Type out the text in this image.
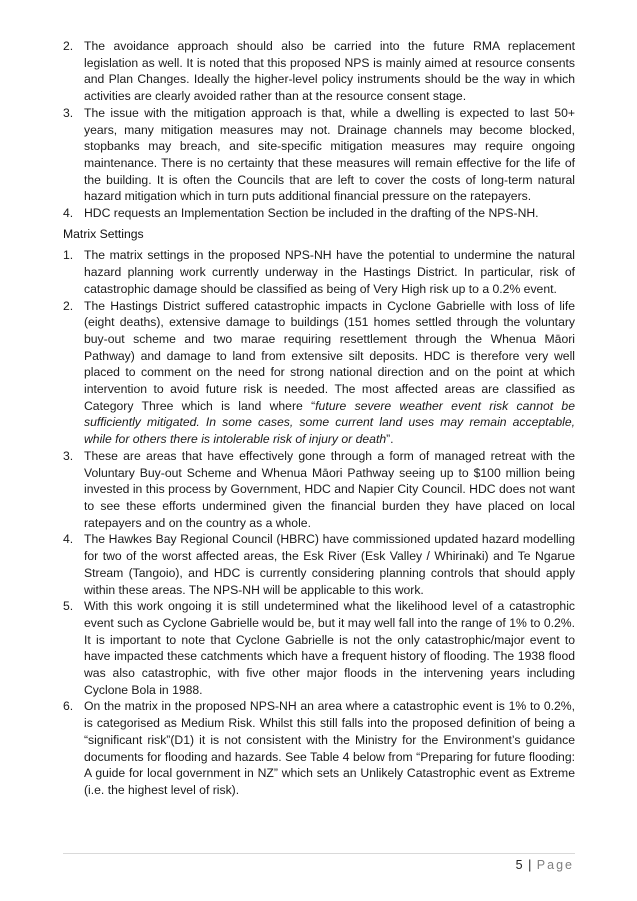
2. The avoidance approach should also be carried into the future RMA replacement legislation as well. It is noted that this proposed NPS is mainly aimed at resource consents and Plan Changes. Ideally the higher-level policy instruments should be the way in which activities are clearly avoided rather than at the resource consent stage.
3. The issue with the mitigation approach is that, while a dwelling is expected to last 50+ years, many mitigation measures may not. Drainage channels may become blocked, stopbanks may breach, and site-specific mitigation measures may require ongoing maintenance. There is no certainty that these measures will remain effective for the life of the building. It is often the Councils that are left to cover the costs of long-term natural hazard mitigation which in turn puts additional financial pressure on the ratepayers.
4. HDC requests an Implementation Section be included in the drafting of the NPS-NH.
Matrix Settings
1. The matrix settings in the proposed NPS-NH have the potential to undermine the natural hazard planning work currently underway in the Hastings District. In particular, risk of catastrophic damage should be classified as being of Very High risk up to a 0.2% event.
2. The Hastings District suffered catastrophic impacts in Cyclone Gabrielle with loss of life (eight deaths), extensive damage to buildings (151 homes settled through the voluntary buy-out scheme and two marae requiring resettlement through the Whenua Māori Pathway) and damage to land from extensive silt deposits. HDC is therefore very well placed to comment on the need for strong national direction and on the point at which intervention to avoid future risk is needed. The most affected areas are classified as Category Three which is land where “future severe weather event risk cannot be sufficiently mitigated. In some cases, some current land uses may remain acceptable, while for others there is intolerable risk of injury or death”.
3. These are areas that have effectively gone through a form of managed retreat with the Voluntary Buy-out Scheme and Whenua Māori Pathway seeing up to $100 million being invested in this process by Government, HDC and Napier City Council. HDC does not want to see these efforts undermined given the financial burden they have placed on local ratepayers and on the country as a whole.
4. The Hawkes Bay Regional Council (HBRC) have commissioned updated hazard modelling for two of the worst affected areas, the Esk River (Esk Valley / Whirinaki) and Te Ngarue Stream (Tangoio), and HDC is currently considering planning controls that should apply within these areas. The NPS-NH will be applicable to this work.
5. With this work ongoing it is still undetermined what the likelihood level of a catastrophic event such as Cyclone Gabrielle would be, but it may well fall into the range of 1% to 0.2%. It is important to note that Cyclone Gabrielle is not the only catastrophic/major event to have impacted these catchments which have a frequent history of flooding. The 1938 flood was also catastrophic, with five other major floods in the intervening years including Cyclone Bola in 1988.
6. On the matrix in the proposed NPS-NH an area where a catastrophic event is 1% to 0.2%, is categorised as Medium Risk. Whilst this still falls into the proposed definition of being a “significant risk”(D1) it is not consistent with the Ministry for the Environment’s guidance documents for flooding and hazards. See Table 4 below from “Preparing for future flooding: A guide for local government in NZ” which sets an Unlikely Catastrophic event as Extreme (i.e. the highest level of risk).
5 | Page
